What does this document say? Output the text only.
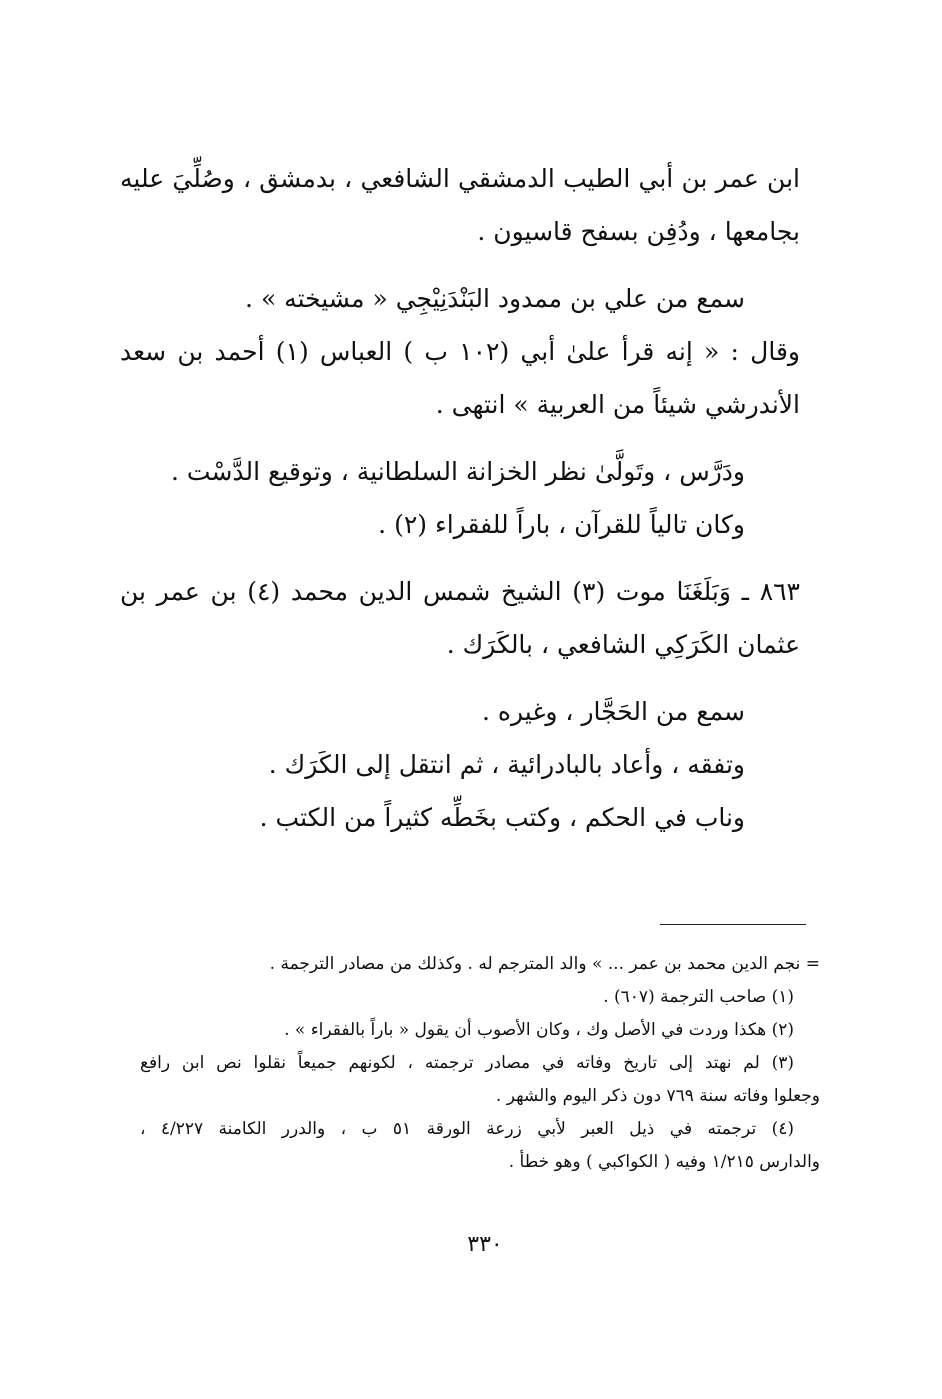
ابن عمر بن أبي الطيب الدمشقي الشافعي ، بدمشق ، وصُلِّيَ عليه
بجامعها ، ودُفِن بسفح قاسيون .
سمع من علي بن ممدود البَنْدَنِيْجِي « مشيخته » .
وقال : « إنه قرأ علىٰ أبي (١٠٢ ب ) العباس (١) أحمد بن سعد
الأندرشي شيئاً من العربية » انتهى .
ودَرَّس ، وتَولَّىٰ نظر الخزانة السلطانية ، وتوقيع الدَّسْت .
وكان تالياً للقرآن ، باراً للفقراء (٢) .
٨٦٣ ـ وَبَلَغَنَا موت (٣) الشيخ شمس الدين محمد (٤) بن عمر بن
عثمان الكَرَكِي الشافعي ، بالكَرَك .
سمع من الحَجَّار ، وغيره .
وتفقه ، وأعاد بالبادرائية ، ثم انتقل إلى الكَرَك .
وناب في الحكم ، وكتب بخَطِّه كثيراً من الكتب .
= نجم الدين محمد بن عمر ... » والد المترجم له . وكذلك من مصادر الترجمة .
(١) صاحب الترجمة (٦٠٧) .
(٢) هكذا وردت في الأصل وك ، وكان الأصوب أن يقول « باراً بالفقراء » .
(٣) لم نهتد إلى تاريخ وفاته في مصادر ترجمته ، لكونهم جميعاً نقلوا نص ابن رافع
وجعلوا وفاته سنة ٧٦٩ دون ذكر اليوم والشهر .
(٤) ترجمته في ذيل العبر لأبي زرعة الورقة ٥١ ب ، والدرر الكامنة ٤/٢٢٧ ،
والدارس ١/٢١٥ وفيه ( الكواكبي ) وهو خطأ .
٣٣٠
